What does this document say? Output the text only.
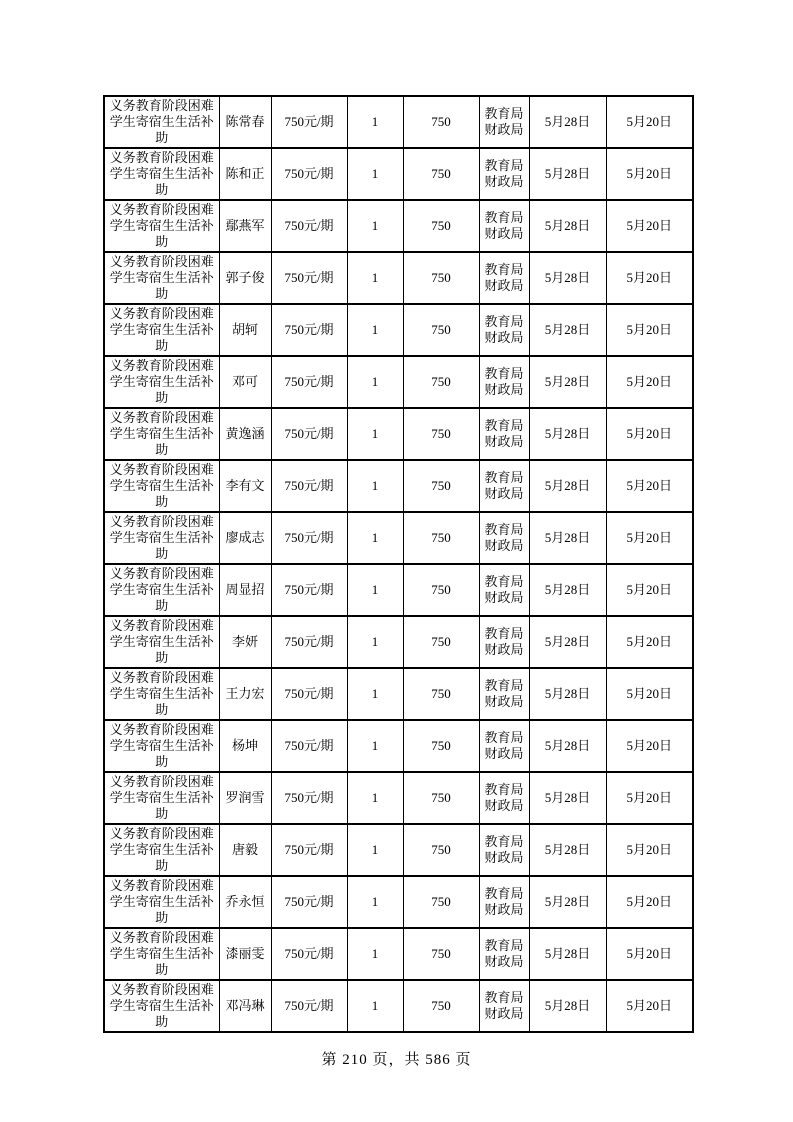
义务教育阶段困难学生寄宿生生活补助	陈常春	750元/期	1	750	教育局财政局	5月28日	5月20日
义务教育阶段困难学生寄宿生生活补助	陈和正	750元/期	1	750	教育局财政局	5月28日	5月20日
义务教育阶段困难学生寄宿生生活补助	鄢燕军	750元/期	1	750	教育局财政局	5月28日	5月20日
义务教育阶段困难学生寄宿生生活补助	郭子俊	750元/期	1	750	教育局财政局	5月28日	5月20日
义务教育阶段困难学生寄宿生生活补助	胡轲	750元/期	1	750	教育局财政局	5月28日	5月20日
义务教育阶段困难学生寄宿生生活补助	邓可	750元/期	1	750	教育局财政局	5月28日	5月20日
义务教育阶段困难学生寄宿生生活补助	黄逸涵	750元/期	1	750	教育局财政局	5月28日	5月20日
义务教育阶段困难学生寄宿生生活补助	李有文	750元/期	1	750	教育局财政局	5月28日	5月20日
义务教育阶段困难学生寄宿生生活补助	廖成志	750元/期	1	750	教育局财政局	5月28日	5月20日
义务教育阶段困难学生寄宿生生活补助	周显招	750元/期	1	750	教育局财政局	5月28日	5月20日
义务教育阶段困难学生寄宿生生活补助	李妍	750元/期	1	750	教育局财政局	5月28日	5月20日
义务教育阶段困难学生寄宿生生活补助	王力宏	750元/期	1	750	教育局财政局	5月28日	5月20日
义务教育阶段困难学生寄宿生生活补助	杨坤	750元/期	1	750	教育局财政局	5月28日	5月20日
义务教育阶段困难学生寄宿生生活补助	罗润雪	750元/期	1	750	教育局财政局	5月28日	5月20日
义务教育阶段困难学生寄宿生生活补助	唐毅	750元/期	1	750	教育局财政局	5月28日	5月20日
义务教育阶段困难学生寄宿生生活补助	乔永恒	750元/期	1	750	教育局财政局	5月28日	5月20日
义务教育阶段困难学生寄宿生生活补助	漆丽雯	750元/期	1	750	教育局财政局	5月28日	5月20日
义务教育阶段困难学生寄宿生生活补助	邓冯琳	750元/期	1	750	教育局财政局	5月28日	5月20日
第 210 页，共 586 页
